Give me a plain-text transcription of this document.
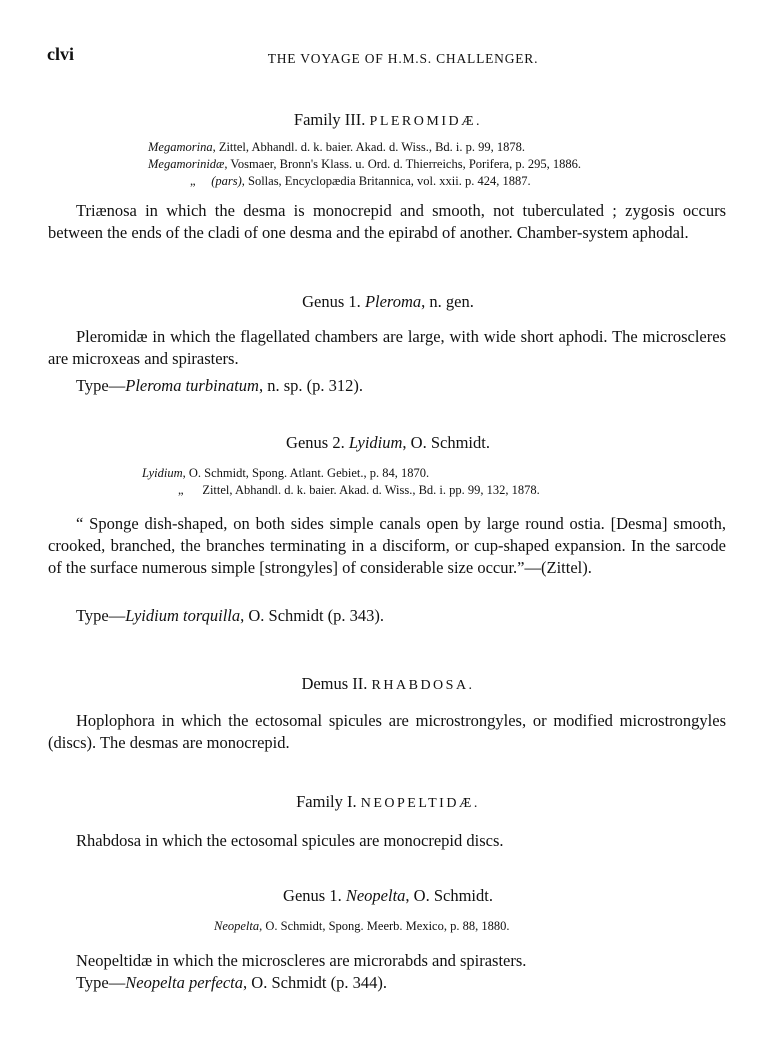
clvi	THE VOYAGE OF H.M.S. CHALLENGER.
Family III. PLEROMIDÆ.
Megamorina, Zittel, Abhandl. d. k. baier. Akad. d. Wiss., Bd. i. p. 99, 1878.
Megamorinidæ, Vosmaer, Bronn's Klass. u. Ord. d. Thierreichs, Porifera, p. 295, 1886.
„ (pars), Sollas, Encyclopædia Britannica, vol. xxii. p. 424, 1887.
Triænosa in which the desma is monocrepid and smooth, not tuberculated ; zygosis occurs between the ends of the cladi of one desma and the epirabd of another. Chamber-system aphodal.
Genus 1. Pleroma, n. gen.
Pleromidæ in which the flagellated chambers are large, with wide short aphodi. The microscleres are microxeas and spirasters.
Type—Pleroma turbinatum, n. sp. (p. 312).
Genus 2. Lyidium, O. Schmidt.
Lyidium, O. Schmidt, Spong. Atlant. Gebiet., p. 84, 1870.
„ Zittel, Abhandl. d. k. baier. Akad. d. Wiss., Bd. i. pp. 99, 132, 1878.
“ Sponge dish-shaped, on both sides simple canals open by large round ostia. [Desma] smooth, crooked, branched, the branches terminating in a disciform, or cup-shaped expansion. In the sarcode of the surface numerous simple [strongyles] of considerable size occur.”—(Zittel).
Type—Lyidium torquilla, O. Schmidt (p. 343).
Demus II. RHABDOSA.
Hoplophora in which the ectosomal spicules are microstrongyles, or modified microstrongyles (discs). The desmas are monocrepid.
Family I. NEOPELTIDÆ.
Rhabdosa in which the ectosomal spicules are monocrepid discs.
Genus 1. Neopelta, O. Schmidt.
Neopelta, O. Schmidt, Spong. Meerb. Mexico, p. 88, 1880.
Neopeltidæ in which the microscleres are microrabds and spirasters.
Type—Neopelta perfecta, O. Schmidt (p. 344).
